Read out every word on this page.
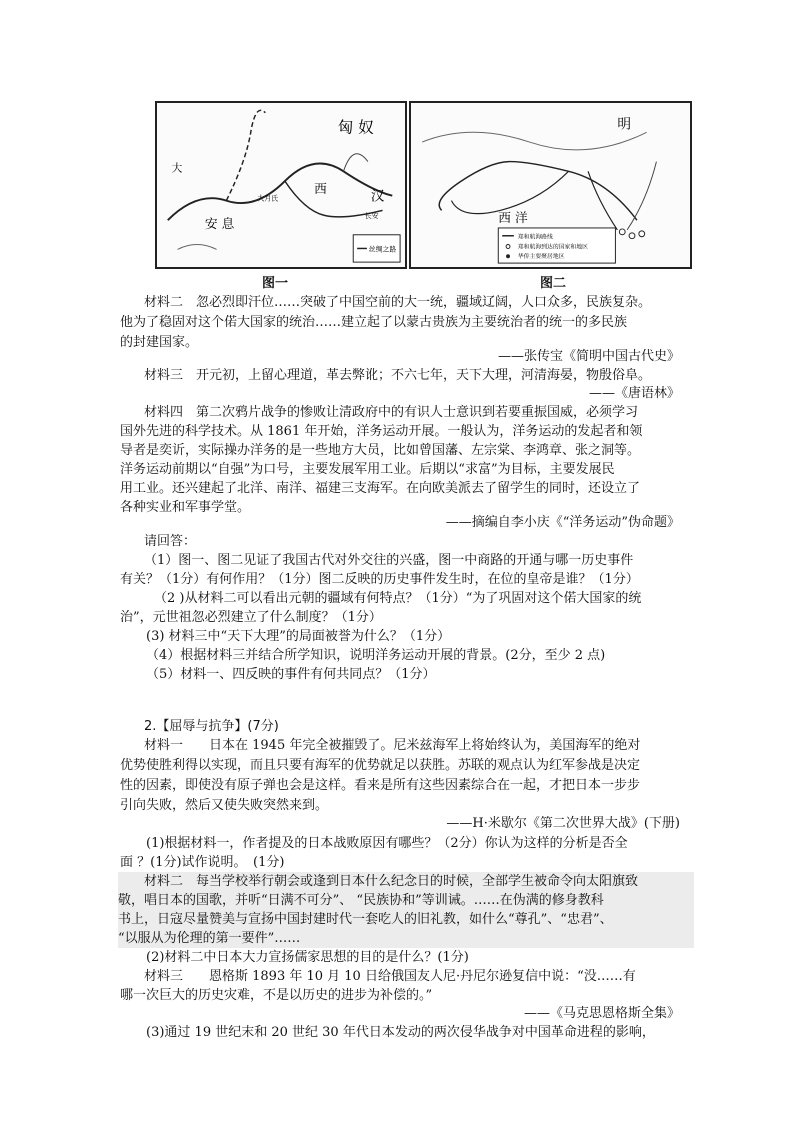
匈 奴
安 息
汉
西
长安
大月氏
大
丝绸之路
图一
明
西 洋
郑和航海路线
郑和航海到达的国家和地区
华侨主要聚居地区
图二
材料二　忽必烈即汗位……突破了中国空前的大一统，疆域辽阔，人口众多，民族复杂。
他为了稳固对这个偌大国家的统治……建立起了以蒙古贵族为主要统治者的统一的多民族
的封建国家。
——张传宝《简明中国古代史》
材料三　开元初，上留心理道，革去弊讹；不六七年，天下大理，河清海晏，物殷俗阜。
——《唐语林》
材料四　第二次鸦片战争的惨败让清政府中的有识人士意识到若要重振国威，必须学习
国外先进的科学技术。从 1861 年开始，洋务运动开展。一般认为，洋务运动的发起者和领
导者是奕䜣，实际操办洋务的是一些地方大员，比如曾国藩、左宗棠、李鸿章、张之洞等。
洋务运动前期以“自强”为口号，主要发展军用工业。后期以“求富”为目标，主要发展民
用工业。还兴建起了北洋、南洋、福建三支海军。在向欧美派去了留学生的同时，还设立了
各种实业和军事学堂。
——摘编自李小庆《“洋务运动”伪命题》
请回答：
（1）图一、图二见证了我国古代对外交往的兴盛，图一中商路的开通与哪一历史事件
有关？（1分）有何作用？（1分）图二反映的历史事件发生时，在位的皇帝是谁？（1分）
（2 )从材料二可以看出元朝的疆域有何特点？（1分）“为了巩固对这个偌大国家的统
治”，元世祖忽必烈建立了什么制度？（1分）
(3) 材料三中“天下大理”的局面被誉为什么？（1分）
（4）根据材料三并结合所学知识，说明洋务运动开展的背景。(2分，至少 2 点)
（5）材料一、四反映的事件有何共同点？（1分）
2.【屈辱与抗争】(7分)
材料一　　日本在 1945 年完全被摧毁了。尼米兹海军上将始终认为，美国海军的绝对
优势使胜利得以实现，而且只要有海军的优势就足以获胜。苏联的观点认为红军参战是决定
性的因素，即使没有原子弹也会是这样。看来是所有这些因素综合在一起，才把日本一步步
引向失败，然后又使失败突然来到。
——H·米歇尔《第二次世界大战》(下册)
(1)根据材料一，作者提及的日本战败原因有哪些？（2分）你认为这样的分析是否全
面 ？(1分)试作说明。　(1分)
材料二　每当学校举行朝会或逢到日本什么纪念日的时候，全部学生被命令向太阳旗致
敬，唱日本的国歌，并听“日满不可分”、 “民族协和”等训诫。……在伪满的修身教科
书上，日寇尽量赞美与宣扬中国封建时代一套吃人的旧礼教，如什么“尊孔”、“忠君”、
“以服从为伦理的第一要件”……
(2)材料二中日本大力宣扬儒家思想的目的是什么？(1分)
材料三　　恩格斯 1893 年 10 月 10 日给俄国友人尼·丹尼尔逊复信中说：“没……有
哪一次巨大的历史灾难，不是以历史的进步为补偿的。”
——《马克思恩格斯全集》
(3)通过 19 世纪末和 20 世纪 30 年代日本发动的两次侵华战争对中国革命进程的影响，
